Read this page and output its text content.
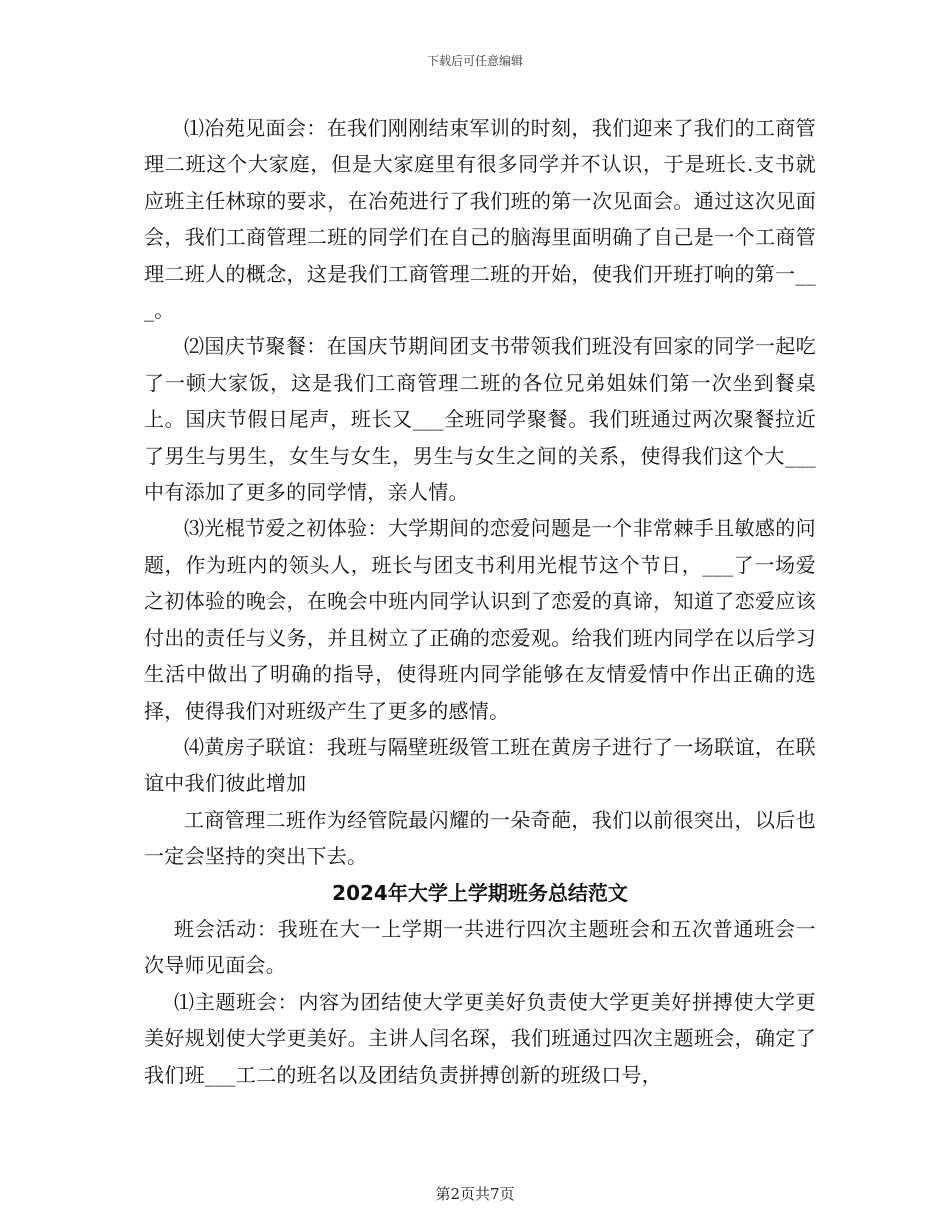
下载后可任意编辑

⑴冶苑见面会：在我们刚刚结束军训的时刻，我们迎来了我们的工商管理二班这个大家庭，但是大家庭里有很多同学并不认识，于是班长.支书就应班主任林琼的要求，在冶苑进行了我们班的第一次见面会。通过这次见面会，我们工商管理二班的同学们在自己的脑海里面明确了自己是一个工商管理二班人的概念，这是我们工商管理二班的开始，使我们开班打响的第一___。

⑵国庆节聚餐：在国庆节期间团支书带领我们班没有回家的同学一起吃了一顿大家饭，这是我们工商管理二班的各位兄弟姐妹们第一次坐到餐桌上。国庆节假日尾声，班长又___全班同学聚餐。我们班通过两次聚餐拉近了男生与男生，女生与女生，男生与女生之间的关系，使得我们这个大___中有添加了更多的同学情，亲人情。

⑶光棍节爱之初体验：大学期间的恋爱问题是一个非常棘手且敏感的问题，作为班内的领头人，班长与团支书利用光棍节这个节日，___了一场爱之初体验的晚会，在晚会中班内同学认识到了恋爱的真谛，知道了恋爱应该付出的责任与义务，并且树立了正确的恋爱观。给我们班内同学在以后学习生活中做出了明确的指导，使得班内同学能够在友情爱情中作出正确的选择，使得我们对班级产生了更多的感情。

⑷黄房子联谊：我班与隔壁班级管工班在黄房子进行了一场联谊，在联谊中我们彼此增加

工商管理二班作为经管院最闪耀的一朵奇葩，我们以前很突出，以后也一定会坚持的突出下去。

2024年大学上学期班务总结范文

班会活动：我班在大一上学期一共进行四次主题班会和五次普通班会一次导师见面会。

⑴主题班会：内容为团结使大学更美好负责使大学更美好拼搏使大学更美好规划使大学更美好。主讲人闫名琛，我们班通过四次主题班会，确定了我们班___工二的班名以及团结负责拼搏创新的班级口号，

第2页共7页
